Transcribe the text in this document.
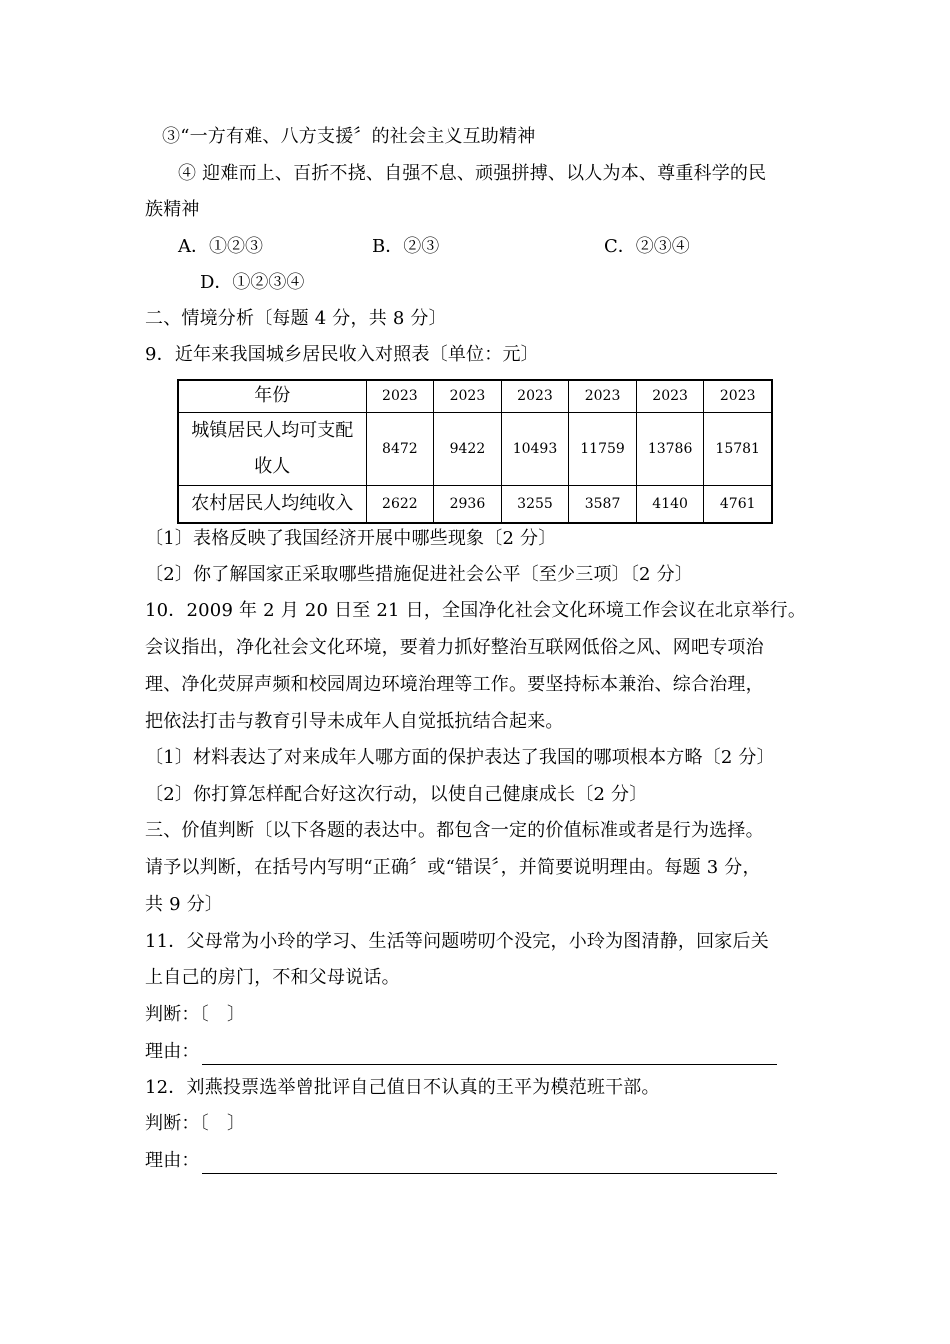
③“一方有难、八方支援〞的社会主义互助精神
④ 迎难而上、百折不挠、自强不息、顽强拼搏、以人为本、尊重科学的民
族精神
A．①②③	B．②③	C．②③④
D．①②③④
二、情境分析〔每题 4 分，共 8 分〕
9．近年来我国城乡居民收入对照表〔单位：元〕
年份	2023	2023	2023	2023	2023	2023

城镇居民人均可支配
收人	8472	9422	10493	11759	13786	15781
农村居民人均纯收入	2622	2936	3255	3587	4140	4761
〔1〕表格反映了我国经济开展中哪些现象〔2 分〕
〔2〕你了解国家正采取哪些措施促进社会公平〔至少三项〕〔2 分〕
10．2009 年 2 月 20 日至 21 日，全国净化社会文化环境工作会议在北京举行。
会议指出，净化社会文化环境，要着力抓好整治互联网低俗之风、网吧专项治
理、净化荧屏声频和校园周边环境治理等工作。要坚持标本兼治、综合治理，
把依法打击与教育引导未成年人自觉抵抗结合起来。
〔1〕材料表达了对来成年人哪方面的保护表达了我国的哪项根本方略〔2 分〕
〔2〕你打算怎样配合好这次行动，以使自己健康成长〔2 分〕
三、价值判断〔以下各题的表达中。都包含一定的价值标准或者是行为选择。
请予以判断，在括号内写明“正确〞或“错误〞，并简要说明理由。每题 3 分，
共 9 分〕
11．父母常为小玲的学习、生活等问题唠叨个没完，小玲为图清静，回家后关
上自己的房门，不和父母说话。
判断：〔　〕
理由：
12．刘燕投票选举曾批评自己值日不认真的王平为模范班干部。
判断：〔　〕
理由：
